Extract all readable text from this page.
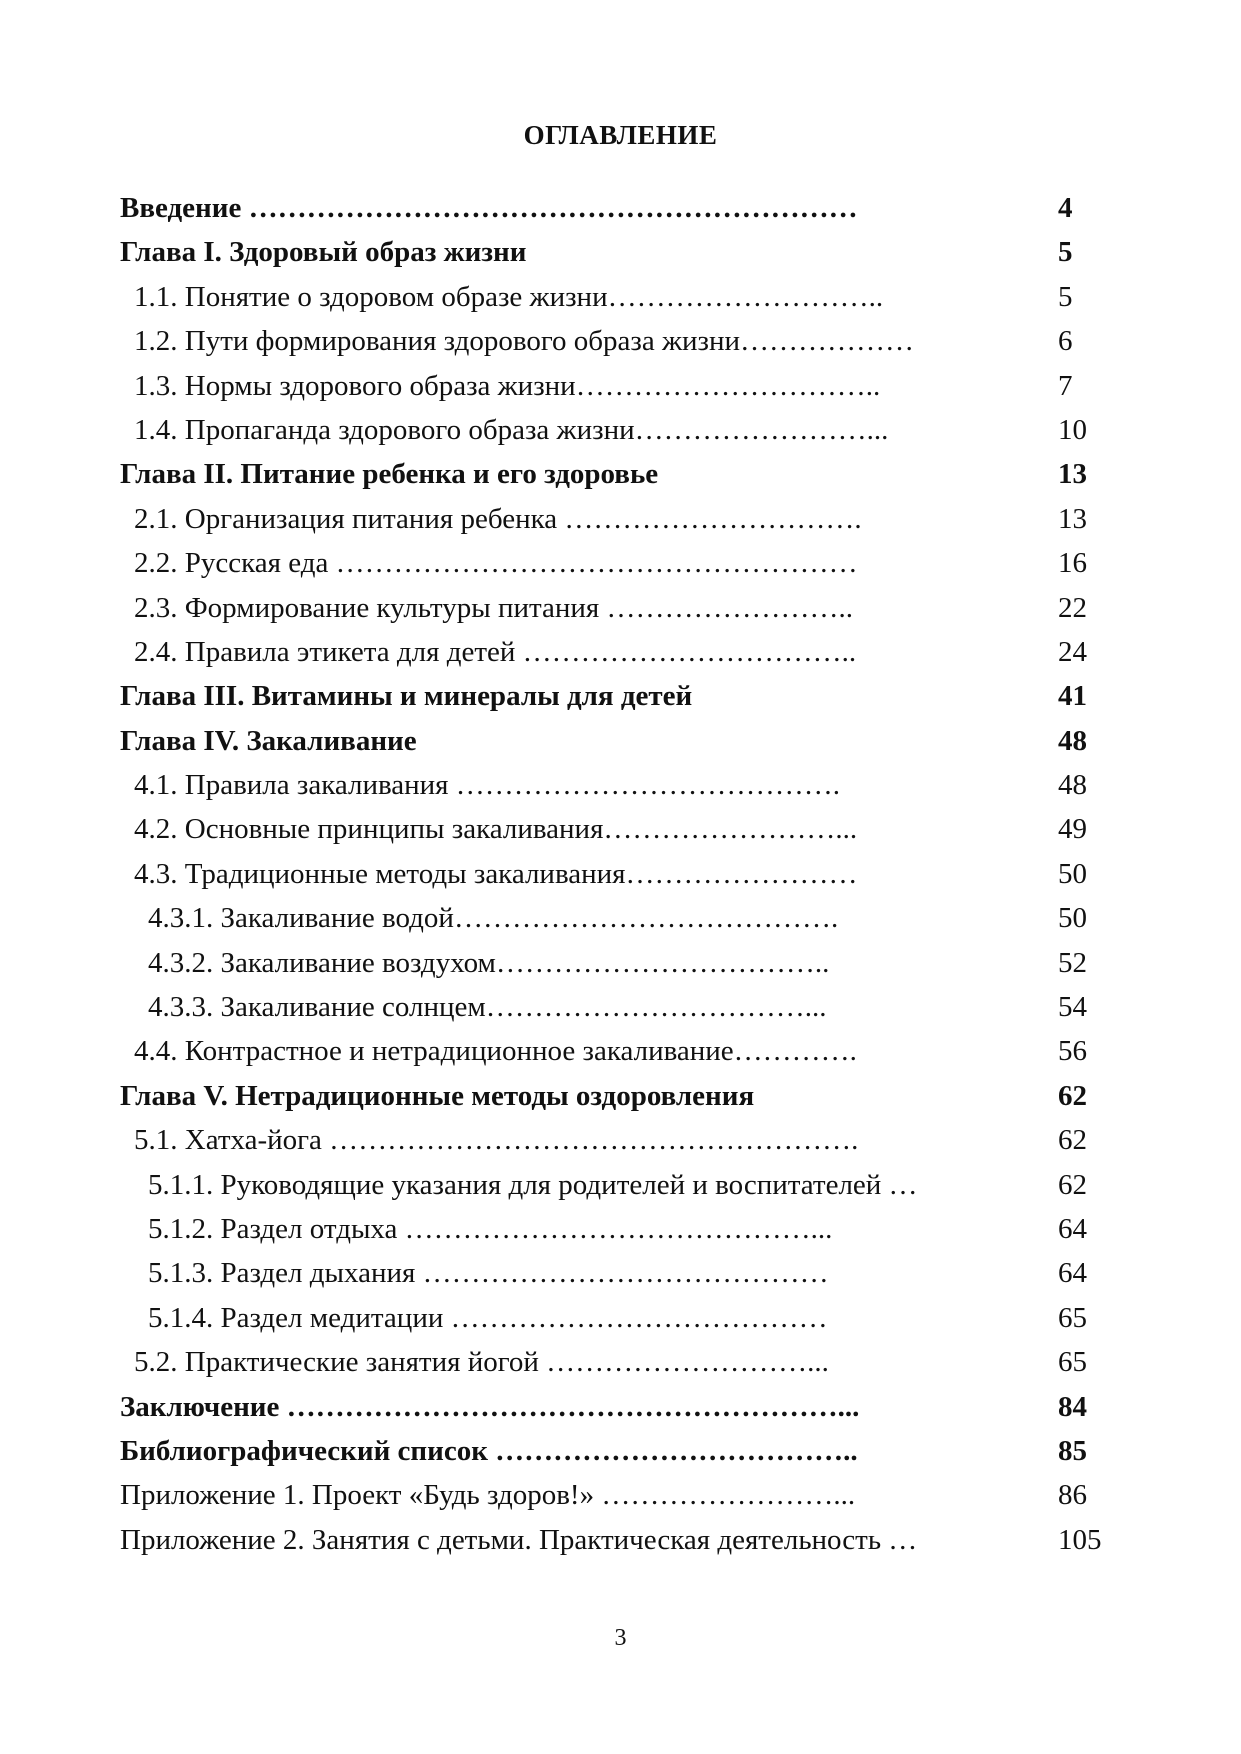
ОГЛАВЛЕНИЕ
Введение ………………………………………………………	4
Глава I. Здоровый образ жизни	5
1.1. Понятие о здоровом образе жизни………………………..	5
1.2. Пути формирования здорового образа жизни………………	6
1.3. Нормы здорового образа жизни…………………………..	7
1.4. Пропаганда здорового образа жизни……………………...	10
Глава II. Питание ребенка и его здоровье	13
2.1. Организация питания ребенка ………………………….	13
2.2. Русская еда ………………………………………………	16
2.3. Формирование культуры питания ……………………..	22
2.4. Правила этикета для детей ……………………………..	24
Глава III. Витамины и минералы для детей	41
Глава IV. Закаливание	48
4.1. Правила закаливания ………………………………….	48
4.2. Основные принципы закаливания……………………...	49
4.3. Традиционные методы закаливания……………………	50
4.3.1. Закаливание водой………………………………….	50
4.3.2. Закаливание воздухом……………………………..	52
4.3.3. Закаливание солнцем……………………………...	54
4.4. Контрастное и нетрадиционное закаливание………….	56
Глава V. Нетрадиционные методы оздоровления	62
5.1. Хатха-йога ……………………………………………….	62
5.1.1. Руководящие указания для родителей и воспитателей …	62
5.1.2. Раздел отдыха ……………………………………...	64
5.1.3. Раздел дыхания ……………………………………	64
5.1.4. Раздел медитации …………………………………	65
5.2. Практические занятия йогой ………………………...	65
Заключение …………………………………………………...	84
Библиографический список ………………………………..	85
Приложение 1. Проект «Будь здоров!» ……………………...	86
Приложение 2. Занятия с детьми. Практическая деятельность …	105
3
